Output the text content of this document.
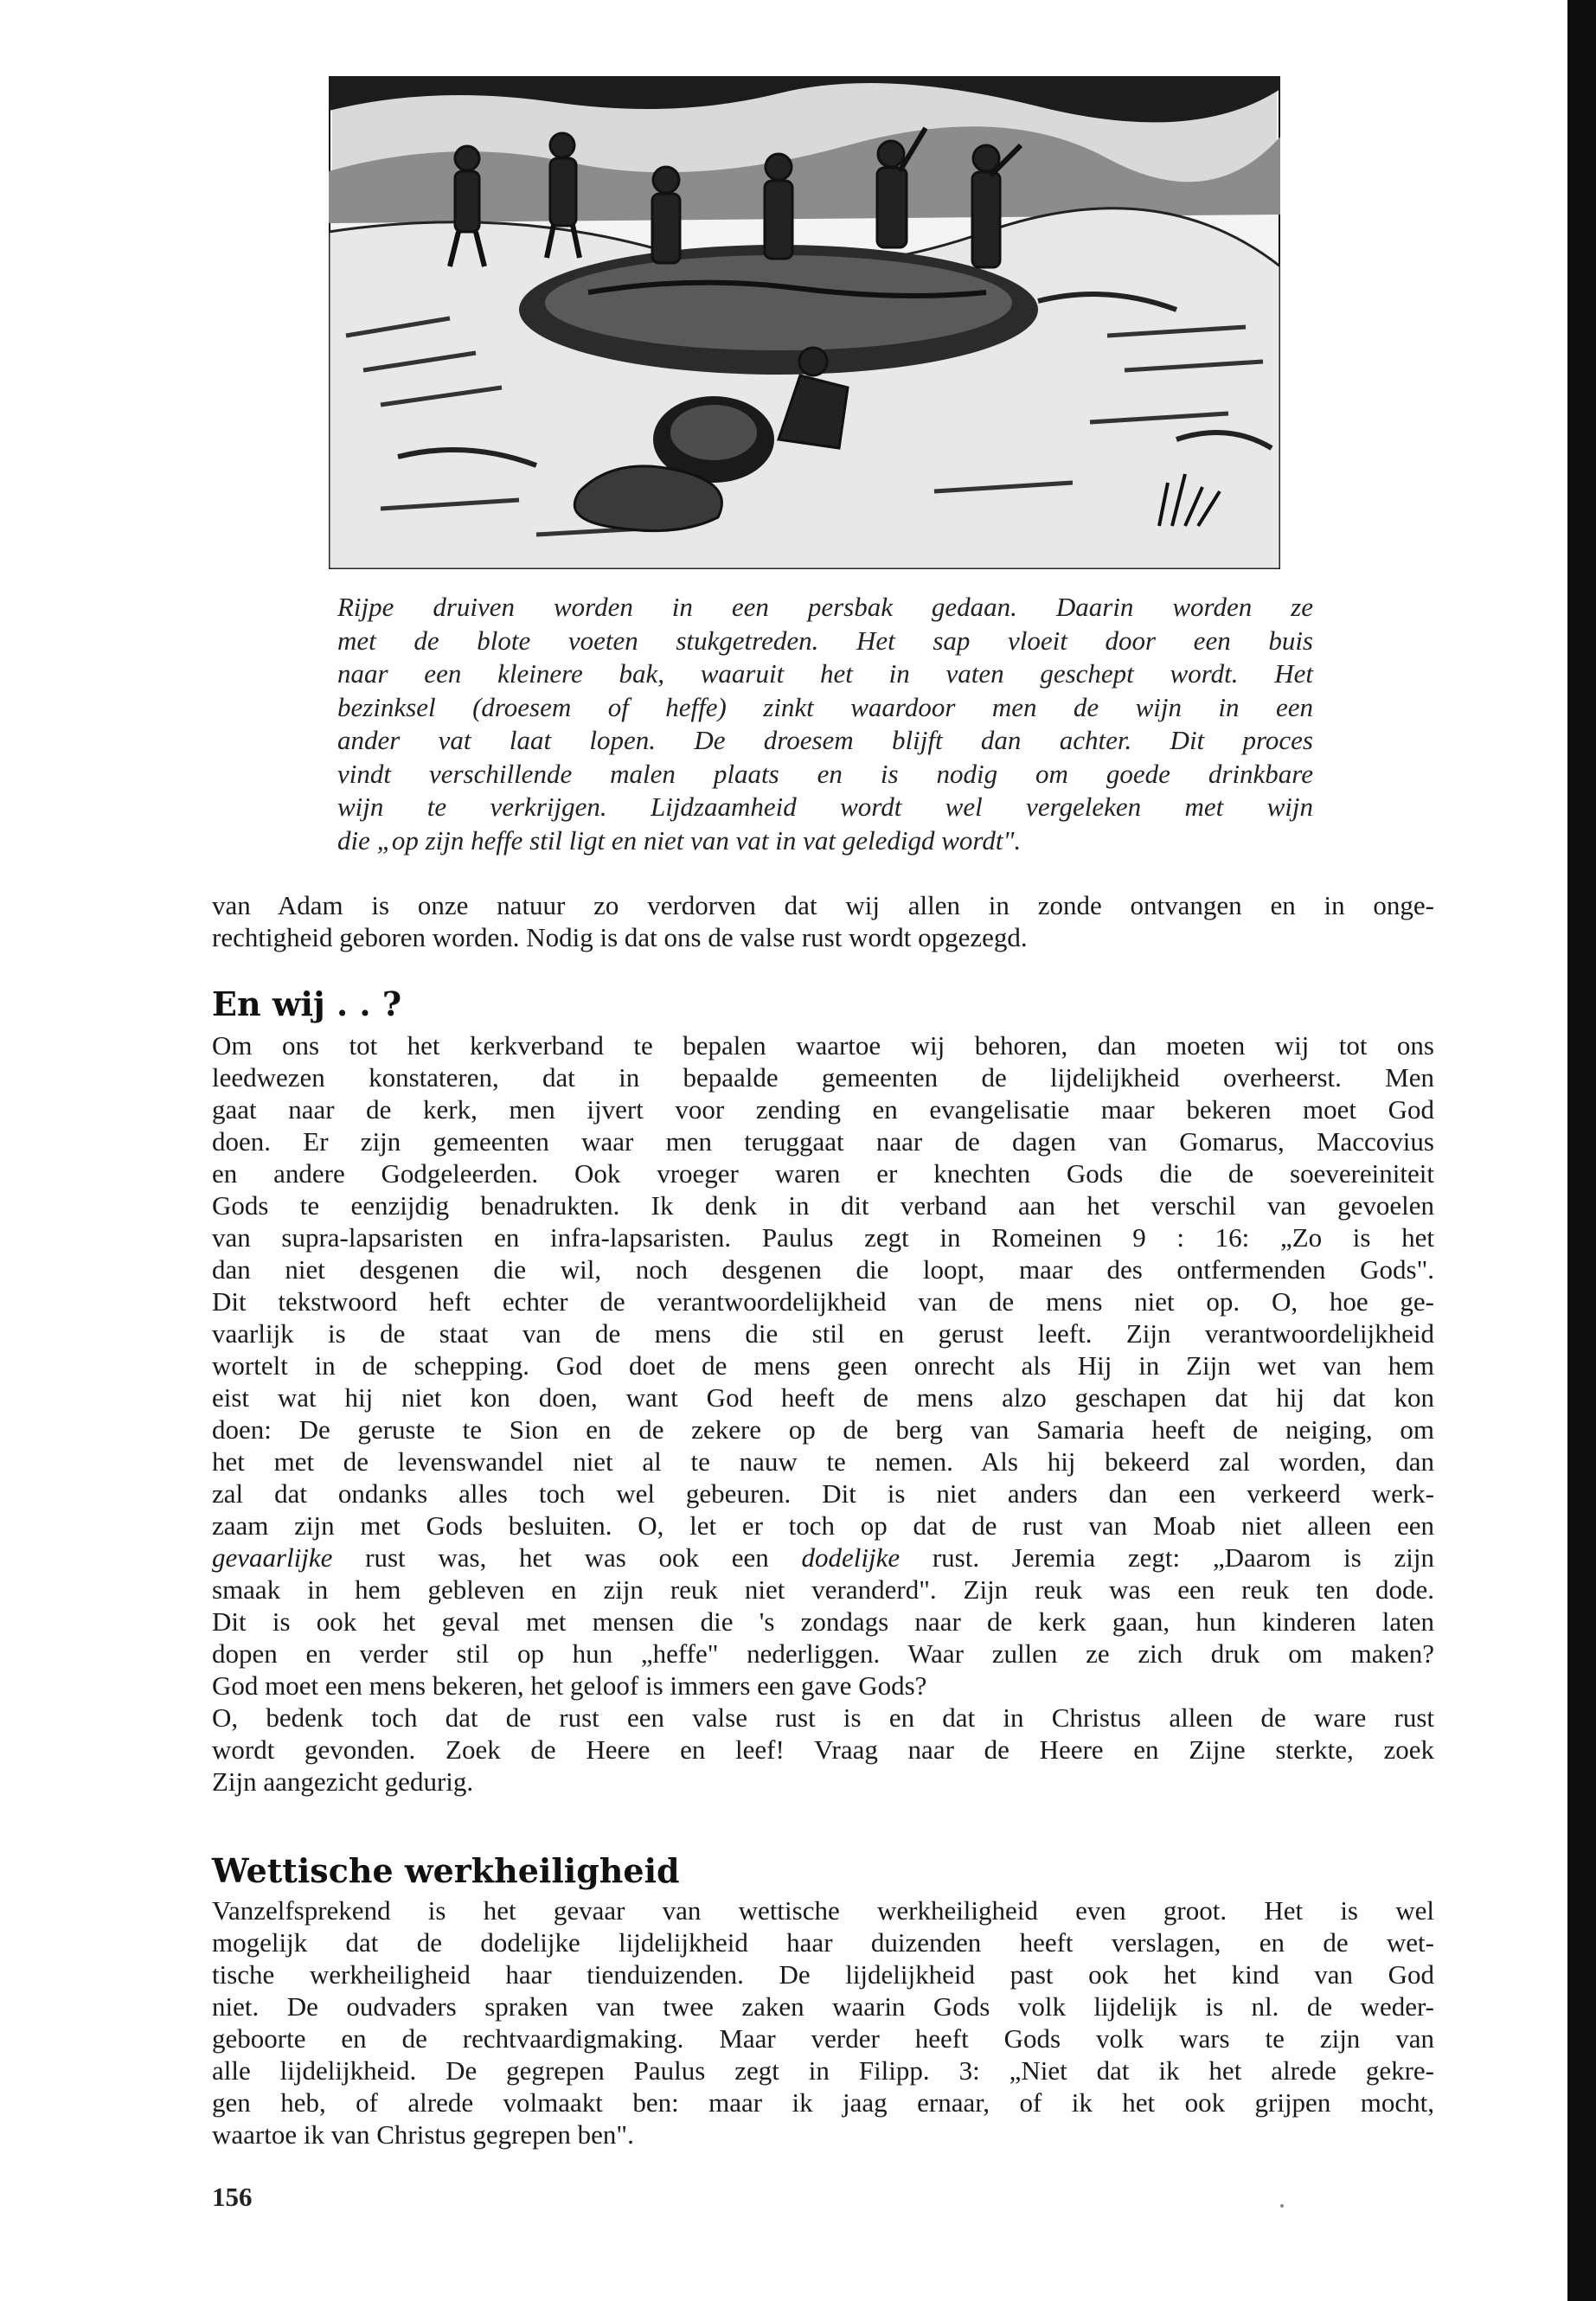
Rijpe druiven worden in een persbak gedaan. Daarin worden ze
met de blote voeten stukgetreden. Het sap vloeit door een buis
naar een kleinere bak, waaruit het in vaten geschept wordt. Het
bezinksel (droesem of heffe) zinkt waardoor men de wijn in een
ander vat laat lopen. De droesem blijft dan achter. Dit proces
vindt verschillende malen plaats en is nodig om goede drinkbare
wijn te verkrijgen. Lijdzaamheid wordt wel vergeleken met wijn
die „op zijn heffe stil ligt en niet van vat in vat geledigd wordt".
van Adam is onze natuur zo verdorven dat wij allen in zonde ontvangen en in onge-
rechtigheid geboren worden. Nodig is dat ons de valse rust wordt opgezegd.
En wij . . ?
Om ons tot het kerkverband te bepalen waartoe wij behoren, dan moeten wij tot ons
leedwezen konstateren, dat in bepaalde gemeenten de lijdelijkheid overheerst. Men
gaat naar de kerk, men ijvert voor zending en evangelisatie maar bekeren moet God
doen. Er zijn gemeenten waar men teruggaat naar de dagen van Gomarus, Maccovius
en andere Godgeleerden. Ook vroeger waren er knechten Gods die de soevereiniteit
Gods te eenzijdig benadrukten. Ik denk in dit verband aan het verschil van gevoelen
van supra-lapsaristen en infra-lapsaristen. Paulus zegt in Romeinen 9 : 16: „Zo is het
dan niet desgenen die wil, noch desgenen die loopt, maar des ontfermenden Gods".
Dit tekstwoord heft echter de verantwoordelijkheid van de mens niet op. O, hoe ge-
vaarlijk is de staat van de mens die stil en gerust leeft. Zijn verantwoordelijkheid
wortelt in de schepping. God doet de mens geen onrecht als Hij in Zijn wet van hem
eist wat hij niet kon doen, want God heeft de mens alzo geschapen dat hij dat kon
doen: De geruste te Sion en de zekere op de berg van Samaria heeft de neiging, om
het met de levenswandel niet al te nauw te nemen. Als hij bekeerd zal worden, dan
zal dat ondanks alles toch wel gebeuren. Dit is niet anders dan een verkeerd werk-
zaam zijn met Gods besluiten. O, let er toch op dat de rust van Moab niet alleen een
gevaarlijke rust was, het was ook een dodelijke rust. Jeremia zegt: „Daarom is zijn
smaak in hem gebleven en zijn reuk niet veranderd". Zijn reuk was een reuk ten dode.
Dit is ook het geval met mensen die 's zondags naar de kerk gaan, hun kinderen laten
dopen en verder stil op hun „heffe" nederliggen. Waar zullen ze zich druk om maken?
God moet een mens bekeren, het geloof is immers een gave Gods?
O, bedenk toch dat de rust een valse rust is en dat in Christus alleen de ware rust
wordt gevonden. Zoek de Heere en leef! Vraag naar de Heere en Zijne sterkte, zoek
Zijn aangezicht gedurig.
Wettische werkheiligheid
Vanzelfsprekend is het gevaar van wettische werkheiligheid even groot. Het is wel
mogelijk dat de dodelijke lijdelijkheid haar duizenden heeft verslagen, en de wet-
tische werkheiligheid haar tienduizenden. De lijdelijkheid past ook het kind van God
niet. De oudvaders spraken van twee zaken waarin Gods volk lijdelijk is nl. de weder-
geboorte en de rechtvaardigmaking. Maar verder heeft Gods volk wars te zijn van
alle lijdelijkheid. De gegrepen Paulus zegt in Filipp. 3: „Niet dat ik het alrede gekre-
gen heb, of alrede volmaakt ben: maar ik jaag ernaar, of ik het ook grijpen mocht,
waartoe ik van Christus gegrepen ben".
156
